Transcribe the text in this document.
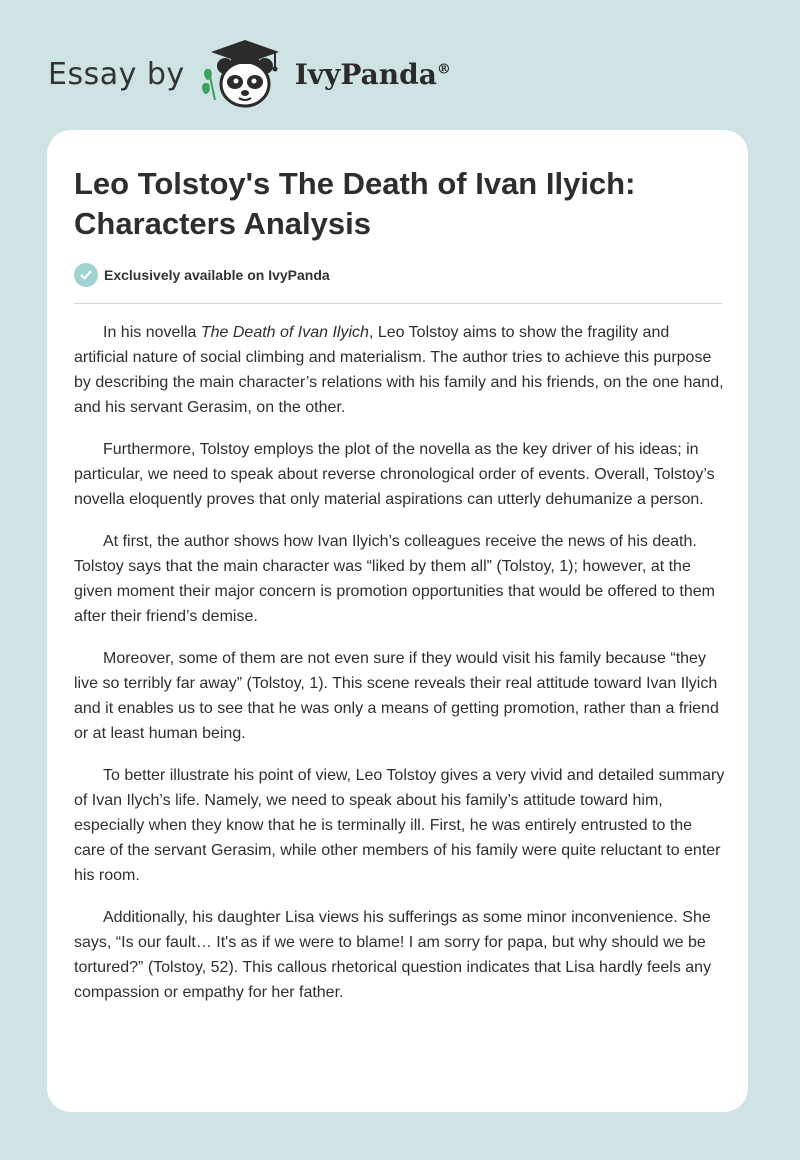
Essay by	IvyPanda®
Leo Tolstoy's The Death of Ivan Ilyich: Characters Analysis
Exclusively available on IvyPanda

In his novella The Death of Ivan Ilyich, Leo Tolstoy aims to show the fragility and artificial nature of social climbing and materialism. The author tries to achieve this purpose by describing the main character’s relations with his family and his friends, on the one hand, and his servant Gerasim, on the other.

Furthermore, Tolstoy employs the plot of the novella as the key driver of his ideas; in particular, we need to speak about reverse chronological order of events. Overall, Tolstoy’s novella eloquently proves that only material aspirations can utterly dehumanize a person.

At first, the author shows how Ivan Ilyich’s colleagues receive the news of his death. Tolstoy says that the main character was “liked by them all” (Tolstoy, 1); however, at the given moment their major concern is promotion opportunities that would be offered to them after their friend’s demise.

Moreover, some of them are not even sure if they would visit his family because “they live so terribly far away” (Tolstoy, 1). This scene reveals their real attitude toward Ivan Ilyich and it enables us to see that he was only a means of getting promotion, rather than a friend or at least human being.

To better illustrate his point of view, Leo Tolstoy gives a very vivid and detailed summary of Ivan Ilych’s life. Namely, we need to speak about his family’s attitude toward him, especially when they know that he is terminally ill. First, he was entirely entrusted to the care of the servant Gerasim, while other members of his family were quite reluctant to enter his room.

Additionally, his daughter Lisa views his sufferings as some minor inconvenience. She says, “Is our fault… It's as if we were to blame! I am sorry for papa, but why should we be tortured?” (Tolstoy, 52). This callous rhetorical question indicates that Lisa hardly feels any compassion or empathy for her father.
